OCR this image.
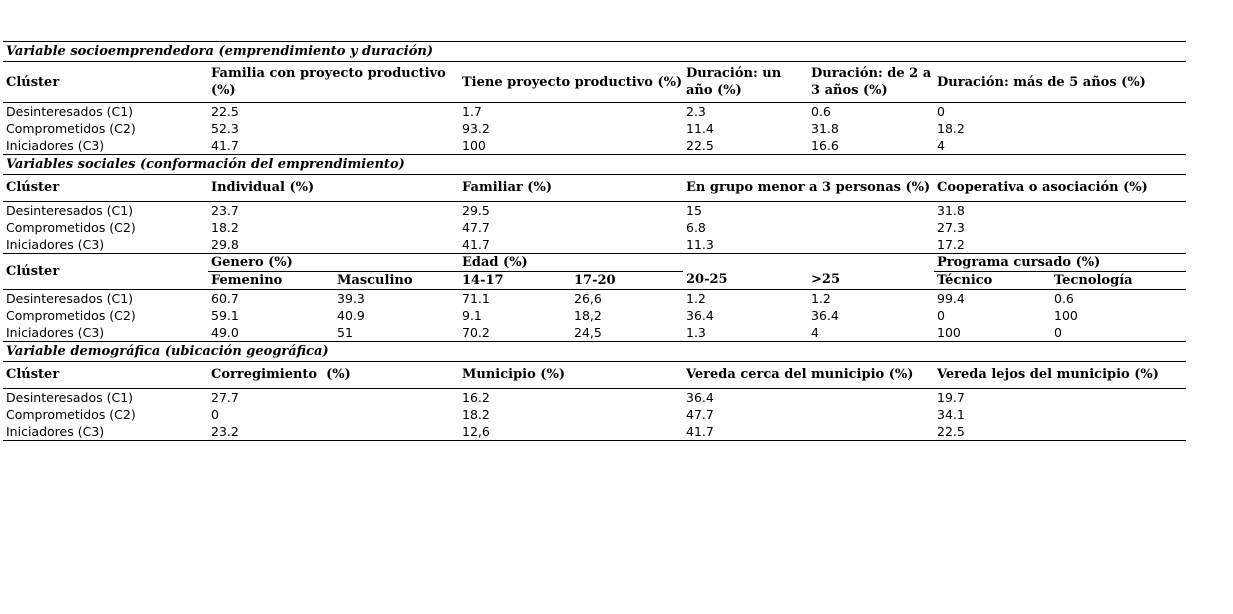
Variable socioemprendedora (emprendimiento y duración)								
Clúster	Familia con proyecto productivo (%)		Tiene proyecto productivo (%)		Duración: un año (%)	Duración: de 2 a 3 años (%)	Duración: más de 5 años (%)	
Desinteresados (C1)	22.5		1.7		2.3	0.6	0	
Comprometidos (C2)	52.3		93.2		11.4	31.8	18.2	
Iniciadores (C3)	41.7		100		22.5	16.6	4	
Variables sociales (conformación del emprendimiento)								
Clúster	Individual (%)		Familiar (%)		En grupo menor a 3 personas (%)		Cooperativa o asociación (%)	
Desinteresados (C1)	23.7		29.5		15		31.8	
Comprometidos (C2)	18.2		47.7		6.8		27.3	
Iniciadores (C3)	29.8		41.7		11.3		17.2	
Clúster	Genero (%)		Edad (%)				Programa cursado (%)	
	Femenino	Masculino	14-17	17-20	20-25	>25	Técnico	Tecnología
Desinteresados (C1)	60.7	39.3	71.1	26,6	1.2	1.2	99.4	0.6
Comprometidos (C2)	59.1	40.9	9.1	18,2	36.4	36.4	0	100
Iniciadores (C3)	49.0	51	70.2	24,5	1.3	4	100	0
Variable demográfica (ubicación geográfica)								
Clúster	Corregimiento  (%)		Municipio (%)		Vereda cerca del municipio (%)		Vereda lejos del municipio (%)	
Desinteresados (C1)	27.7		16.2		36.4		19.7	
Comprometidos (C2)	0		18.2		47.7		34.1	
Iniciadores (C3)	23.2		12,6		41.7		22.5	
